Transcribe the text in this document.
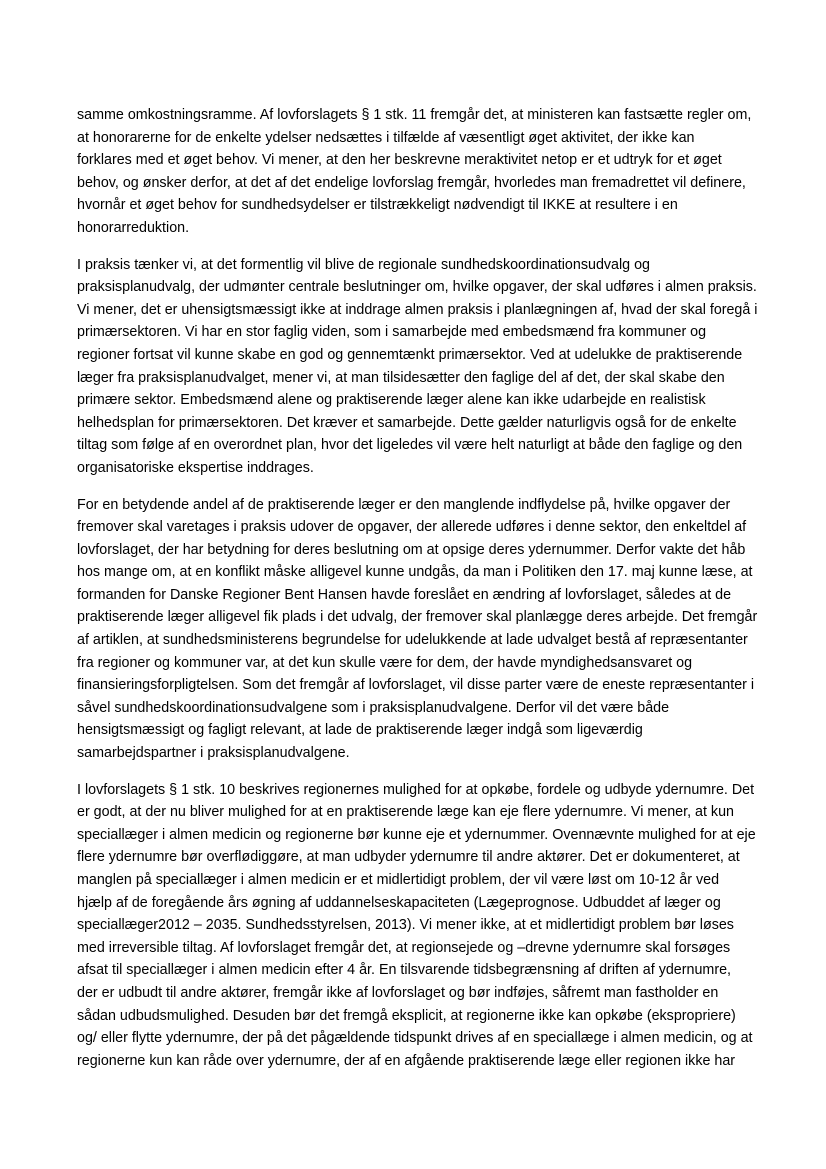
samme omkostningsramme. Af lovforslagets § 1 stk. 11 fremgår det, at ministeren kan fastsætte regler om,
at honorarerne for de enkelte ydelser nedsættes i tilfælde af væsentligt øget aktivitet, der ikke kan
forklares med et øget behov. Vi mener, at den her beskrevne meraktivitet netop er et udtryk for et øget
behov, og ønsker derfor, at det af det endelige lovforslag fremgår, hvorledes man fremadrettet vil definere,
hvornår et øget behov for sundhedsydelser er tilstrækkeligt nødvendigt til IKKE at resultere i en
honorarreduktion.
I praksis tænker vi, at det formentlig vil blive de regionale sundhedskoordinationsudvalg og
praksisplanudvalg, der udmønter centrale beslutninger om, hvilke opgaver, der skal udføres i almen praksis.
Vi mener, det er uhensigtsmæssigt ikke at inddrage almen praksis i planlægningen af, hvad der skal foregå i
primærsektoren. Vi har en stor faglig viden, som i samarbejde med embedsmænd fra kommuner og
regioner fortsat vil kunne skabe en god og gennemtænkt primærsektor. Ved at udelukke de praktiserende
læger fra praksisplanudvalget, mener vi, at man tilsidesætter den faglige del af det, der skal skabe den
primære sektor. Embedsmænd alene og praktiserende læger alene kan ikke udarbejde en realistisk
helhedsplan for primærsektoren. Det kræver et samarbejde. Dette gælder naturligvis også for de enkelte
tiltag som følge af en overordnet plan, hvor det ligeledes vil være helt naturligt at både den faglige og den
organisatoriske ekspertise inddrages.
For en betydende andel af de praktiserende læger er den manglende indflydelse på, hvilke opgaver der
fremover skal varetages i praksis udover de opgaver, der allerede udføres i denne sektor, den enkeltdel af
lovforslaget, der har betydning for deres beslutning om at opsige deres ydernummer. Derfor vakte det håb
hos mange om, at en konflikt måske alligevel kunne undgås, da man i Politiken den 17. maj kunne læse, at
formanden for Danske Regioner Bent Hansen havde foreslået en ændring af lovforslaget, således at de
praktiserende læger alligevel fik plads i det udvalg, der fremover skal planlægge deres arbejde. Det fremgår
af artiklen, at sundhedsministerens begrundelse for udelukkende at lade udvalget bestå af repræsentanter
fra regioner og kommuner var, at det kun skulle være for dem, der havde myndighedsansvaret og
finansieringsforpligtelsen. Som det fremgår af lovforslaget, vil disse parter være de eneste repræsentanter i
såvel sundhedskoordinationsudvalgene som i praksisplanudvalgene. Derfor vil det være både
hensigtsmæssigt og fagligt relevant, at lade de praktiserende læger indgå som ligeværdig
samarbejdspartner i praksisplanudvalgene.
I lovforslagets § 1 stk. 10 beskrives regionernes mulighed for at opkøbe, fordele og udbyde ydernumre. Det
er godt, at der nu bliver mulighed for at en praktiserende læge kan eje flere ydernumre. Vi mener, at kun
speciallæger i almen medicin og regionerne bør kunne eje et ydernummer. Ovennævnte mulighed for at eje
flere ydernumre bør overflødiggøre, at man udbyder ydernumre til andre aktører. Det er dokumenteret, at
manglen på speciallæger i almen medicin er et midlertidigt problem, der vil være løst om 10-12 år ved
hjælp af de foregående års øgning af uddannelseskapaciteten (Lægeprognose. Udbuddet af læger og
speciallæger2012 – 2035. Sundhedsstyrelsen, 2013). Vi mener ikke, at et midlertidigt problem bør løses
med irreversible tiltag. Af lovforslaget fremgår det, at regionsejede og –drevne ydernumre skal forsøges
afsat til speciallæger i almen medicin efter 4 år. En tilsvarende tidsbegrænsning af driften af ydernumre,
der er udbudt til andre aktører, fremgår ikke af lovforslaget og bør indføjes, såfremt man fastholder en
sådan udbudsmulighed. Desuden bør det fremgå eksplicit, at regionerne ikke kan opkøbe (ekspropriere)
og/ eller flytte ydernumre, der på det pågældende tidspunkt drives af en speciallæge i almen medicin, og at
regionerne kun kan råde over ydernumre, der af en afgående praktiserende læge eller regionen ikke har
